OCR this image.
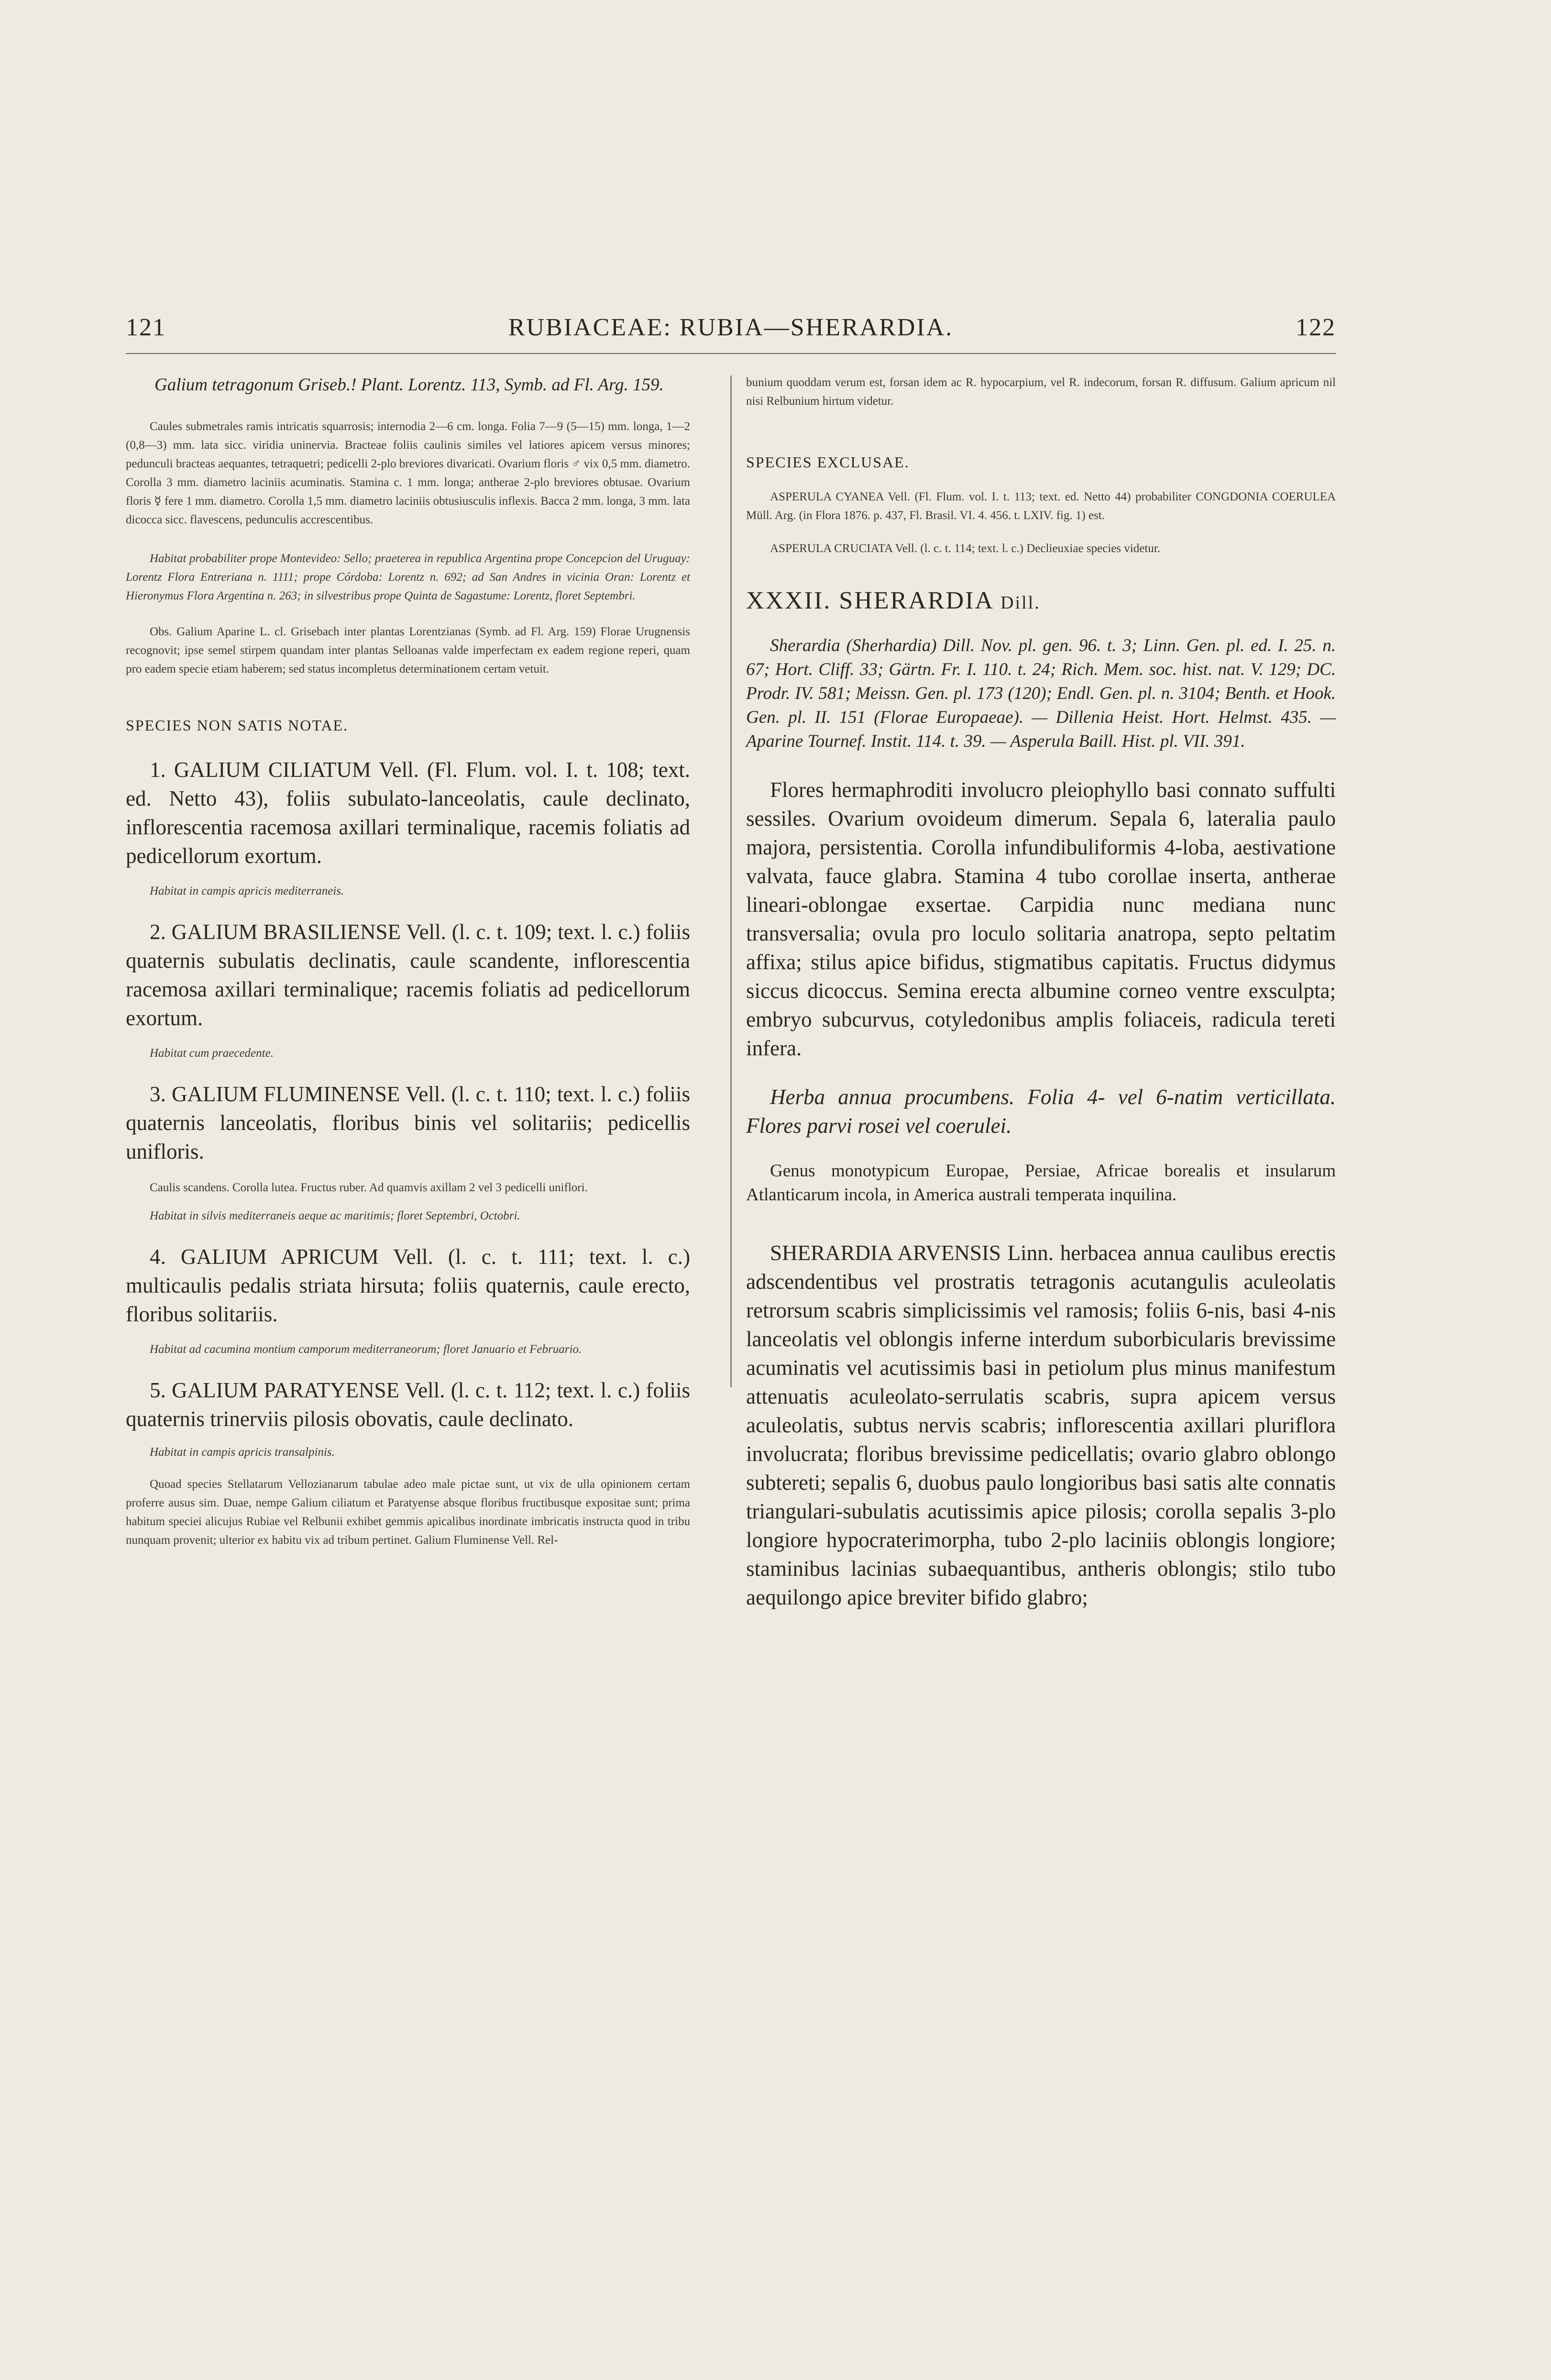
121	RUBIACEAE: RUBIA—SHERARDIA.	122

Galium tetragonum Griseb.! Plant. Lorentz. 113, Symb. ad Fl. Arg. 159.

Caules submetrales ramis intricatis squarrosis; internodia 2—6 cm. longa. Folia 7—9 (5—15) mm. longa, 1—2 (0,8—3) mm. lata sicc. viridia uninervia. Bracteae foliis caulinis similes vel latiores apicem versus minores; pedunculi bracteas aequantes, tetraquetri; pedicelli 2-plo breviores divaricati. Ovarium floris ♂ vix 0,5 mm. diametro. Corolla 3 mm. diametro laciniis acuminatis. Stamina c. 1 mm. longa; antherae 2-plo breviores obtusae. Ovarium floris ☿ fere 1 mm. diametro. Corolla 1,5 mm. diametro laciniis obtusiusculis inflexis. Bacca 2 mm. longa, 3 mm. lata dicocca sicc. flavescens, pedunculis accrescentibus.

Habitat probabiliter prope Montevideo: Sello; praeterea in republica Argentina prope Concepcion del Uruguay: Lorentz Flora Entreriana n. 1111; prope Córdoba: Lorentz n. 692; ad San Andres in vicinia Oran: Lorentz et Hieronymus Flora Argentina n. 263; in silvestribus prope Quinta de Sagastume: Lorentz, floret Septembri.

Obs. Galium Aparine L. cl. Grisebach inter plantas Lorentzianas (Symb. ad Fl. Arg. 159) Florae Urugnensis recognovit; ipse semel stirpem quandam inter plantas Selloanas valde imperfectam ex eadem regione reperi, quam pro eadem specie etiam haberem; sed status incompletus determinationem certam vetuit.

SPECIES NON SATIS NOTAE.

1. GALIUM CILIATUM Vell. (Fl. Flum. vol. I. t. 108; text. ed. Netto 43), foliis subulato-lanceolatis, caule declinato, inflorescentia racemosa axillari terminalique, racemis foliatis ad pedicellorum exortum.

Habitat in campis apricis mediterraneis.

2. GALIUM BRASILIENSE Vell. (l. c. t. 109; text. l. c.) foliis quaternis subulatis declinatis, caule scandente, inflorescentia racemosa axillari terminalique; racemis foliatis ad pedicellorum exortum.

Habitat cum praecedente.

3. GALIUM FLUMINENSE Vell. (l. c. t. 110; text. l. c.) foliis quaternis lanceolatis, floribus binis vel solitariis; pedicellis unifloris.

Caulis scandens. Corolla lutea. Fructus ruber. Ad quamvis axillam 2 vel 3 pedicelli uniflori.

Habitat in silvis mediterraneis aeque ac maritimis; floret Septembri, Octobri.

4. GALIUM APRICUM Vell. (l. c. t. 111; text. l. c.) multicaulis pedalis striata hirsuta; foliis quaternis, caule erecto, floribus solitariis.

Habitat ad cacumina montium camporum mediterraneorum; floret Januario et Februario.

5. GALIUM PARATYENSE Vell. (l. c. t. 112; text. l. c.) foliis quaternis trinerviis pilosis obovatis, caule declinato.

Habitat in campis apricis transalpinis.

Quoad species Stellatarum Vellozianarum tabulae adeo male pictae sunt, ut vix de ulla opinionem certam proferre ausus sim. Duae, nempe Galium ciliatum et Paratyense absque floribus fructibusque expositae sunt; prima habitum speciei alicujus Rubiae vel Relbunii exhibet gemmis apicalibus inordinate imbricatis instructa quod in tribu nunquam provenit; ulterior ex habitu vix ad tribum pertinet. Galium Fluminense Vell. Rel-

bunium quoddam verum est, forsan idem ac R. hypocarpium, vel R. indecorum, forsan R. diffusum. Galium apricum nil nisi Relbunium hirtum videtur.

SPECIES EXCLUSAE.

ASPERULA CYANEA Vell. (Fl. Flum. vol. I. t. 113; text. ed. Netto 44) probabiliter CONGDONIA COERULEA Müll. Arg. (in Flora 1876. p. 437, Fl. Brasil. VI. 4. 456. t. LXIV. fig. 1) est.

ASPERULA CRUCIATA Vell. (l. c. t. 114; text. l. c.) Declieuxiae species videtur.

XXXII. SHERARDIA Dill.

Sherardia (Sherhardia) Dill. Nov. pl. gen. 96. t. 3; Linn. Gen. pl. ed. I. 25. n. 67; Hort. Cliff. 33; Gärtn. Fr. I. 110. t. 24; Rich. Mem. soc. hist. nat. V. 129; DC. Prodr. IV. 581; Meissn. Gen. pl. 173 (120); Endl. Gen. pl. n. 3104; Benth. et Hook. Gen. pl. II. 151 (Florae Europaeae). — Dillenia Heist. Hort. Helmst. 435. — Aparine Tournef. Instit. 114. t. 39. — Asperula Baill. Hist. pl. VII. 391.

Flores hermaphroditi involucro pleiophyllo basi connato suffulti sessiles. Ovarium ovoideum dimerum. Sepala 6, lateralia paulo majora, persistentia. Corolla infundibuliformis 4-loba, aestivatione valvata, fauce glabra. Stamina 4 tubo corollae inserta, antherae lineari-oblongae exsertae. Carpidia nunc mediana nunc transversalia; ovula pro loculo solitaria anatropa, septo peltatim affixa; stilus apice bifidus, stigmatibus capitatis. Fructus didymus siccus dicoccus. Semina erecta albumine corneo ventre exsculpta; embryo subcurvus, cotyledonibus amplis foliaceis, radicula tereti infera.

Herba annua procumbens. Folia 4- vel 6-natim verticillata. Flores parvi rosei vel coerulei.

Genus monotypicum Europae, Persiae, Africae borealis et insularum Atlanticarum incola, in America australi temperata inquilina.

SHERARDIA ARVENSIS Linn. herbacea annua caulibus erectis adscendentibus vel prostratis tetragonis acutangulis aculeolatis retrorsum scabris simplicissimis vel ramosis; foliis 6-nis, basi 4-nis lanceolatis vel oblongis inferne interdum suborbicularis brevissime acuminatis vel acutissimis basi in petiolum plus minus manifestum attenuatis aculeolato-serrulatis scabris, supra apicem versus aculeolatis, subtus nervis scabris; inflorescentia axillari pluriflora involucrata; floribus brevissime pedicellatis; ovario glabro oblongo subtereti; sepalis 6, duobus paulo longioribus basi satis alte connatis triangulari-subulatis acutissimis apice pilosis; corolla sepalis 3-plo longiore hypocraterimorpha, tubo 2-plo laciniis oblongis longiore; staminibus lacinias subaequantibus, antheris oblongis; stilo tubo aequilongo apice breviter bifido glabro;
